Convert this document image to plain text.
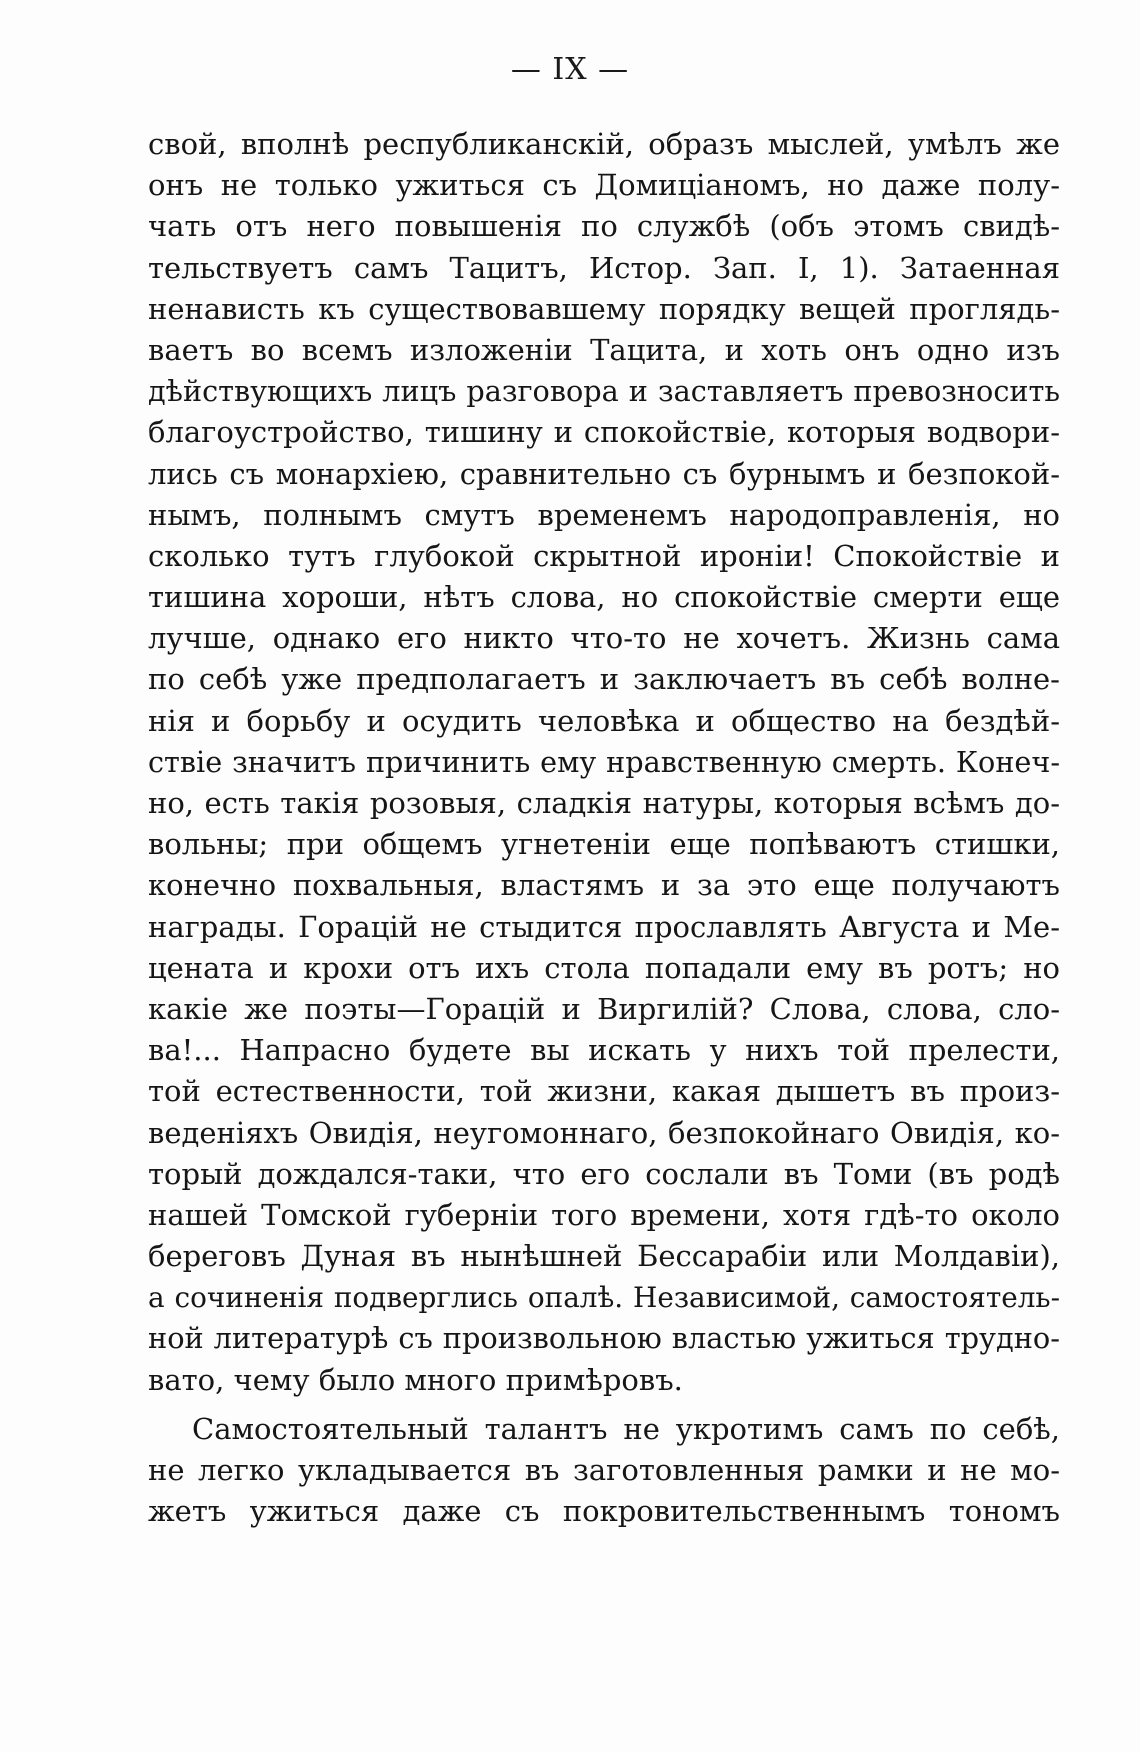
— IX —
свой, вполнѣ республиканскій, образъ мыслей, умѣлъ же
онъ не только ужиться съ Домиціаномъ, но даже полу-
чать отъ него повышенія по службѣ (объ этомъ свидѣ-
тельствуетъ самъ Тацитъ, Истор. Зап. I, 1). Затаенная
ненависть къ существовавшему порядку вещей проглядь-
ваетъ во всемъ изложеніи Тацита, и хоть онъ одно изъ
дѣйствующихъ лицъ разговора и заставляетъ превозносить
благоустройство, тишину и спокойствіе, которыя водвори-
лись съ монархіею, сравнительно съ бурнымъ и безпокой-
нымъ, полнымъ смутъ временемъ народоправленія, но
сколько тутъ глубокой скрытной ироніи! Спокойствіе и
тишина хороши, нѣтъ слова, но спокойствіе смерти еще
лучше, однако его никто что-то не хочетъ. Жизнь сама
по себѣ уже предполагаетъ и заключаетъ въ себѣ волне-
нія и борьбу и осудить человѣка и общество на бездѣй-
ствіе значитъ причинить ему нравственную смерть. Конеч-
но, есть такія розовыя, сладкія натуры, которыя всѣмъ до-
вольны; при общемъ угнетеніи еще попѣваютъ стишки,
конечно похвальныя, властямъ и за это еще получаютъ
награды. Горацій не стыдится прославлять Августа и Ме-
цената и крохи отъ ихъ стола попадали ему въ ротъ; но
какіе же поэты—Горацій и Виргилій? Слова, слова, сло-
ва!... Напрасно будете вы искать у нихъ той прелести,
той естественности, той жизни, какая дышетъ въ произ-
веденіяхъ Овидія, неугомоннаго, безпокойнаго Овидія, ко-
торый дождался-таки, что его сослали въ Томи (въ родѣ
нашей Томской губерніи того времени, хотя гдѣ-то около
береговъ Дуная въ нынѣшней Бессарабіи или Молдавіи),
а сочиненія подверглись опалѣ. Независимой, самостоятель-
ной литературѣ съ произвольною властью ужиться трудно-
вато, чему было много примѣровъ.
Самостоятельный талантъ не укротимъ самъ по себѣ,
не легко укладывается въ заготовленныя рамки и не мо-
жетъ ужиться даже съ покровительственнымъ тономъ
